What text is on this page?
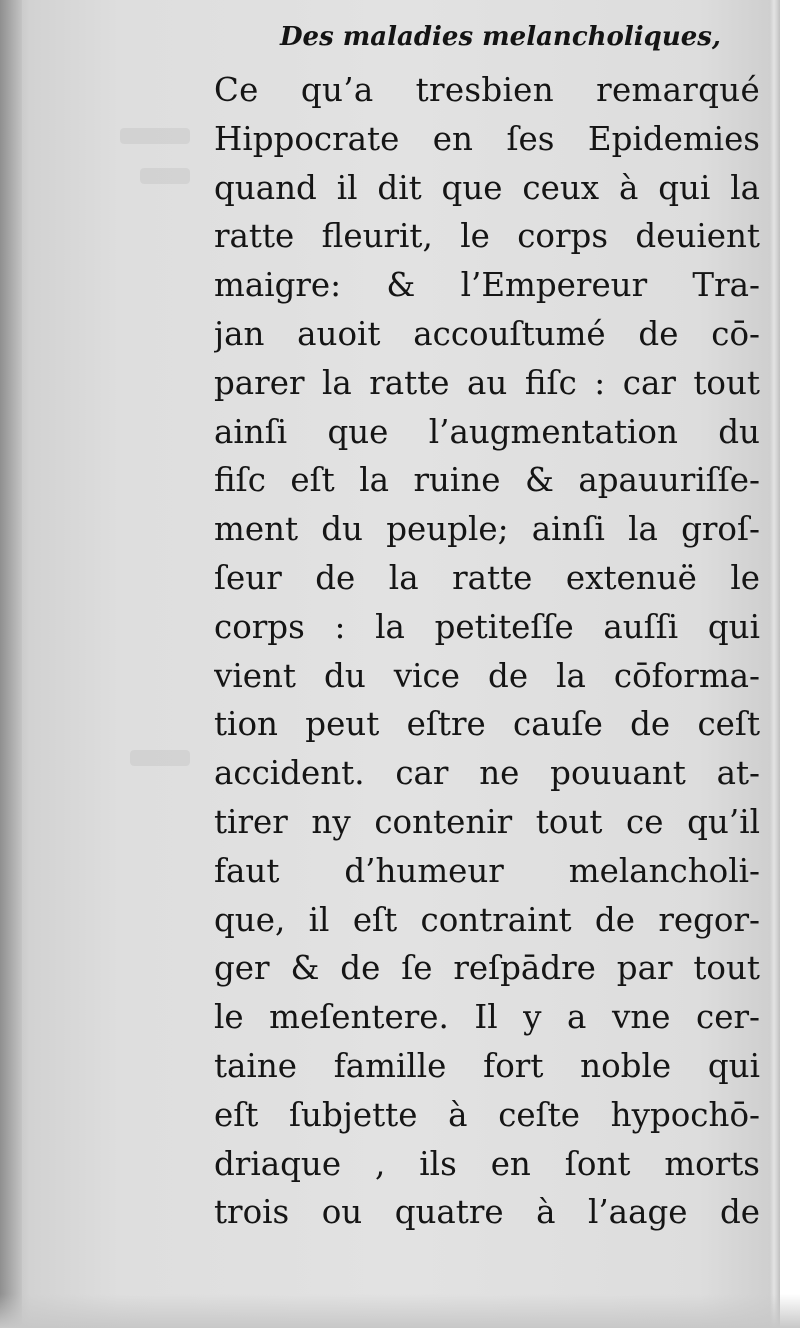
Des maladies melancholiques,
Ce qu’a tresbien remarqué
Hippocrate en ſes Epidemies
quand il dit que ceux à qui la
ratte fleurit, le corps deuient
maigre: & l’Empereur Tra-
jan auoit accouſtumé de cō-
parer la ratte au fiſc : car tout
ainſi que l’augmentation du
fiſc eſt la ruine & apauuriſſe-
ment du peuple; ainſi la groſ-
ſeur de la ratte extenuë le
corps : la petiteſſe auſſi qui
vient du vice de la cōforma-
tion peut eſtre cauſe de ceſt
accident. car ne pouuant at-
tirer ny contenir tout ce qu’il
faut d’humeur melancholi-
que, il eſt contraint de regor-
ger & de ſe reſpādre par tout
le meſentere. Il y a vne cer-
taine famille fort noble qui
eſt ſubjette à ceſte hypochō-
driaque , ils en ſont morts
trois ou quatre à l’aage de
